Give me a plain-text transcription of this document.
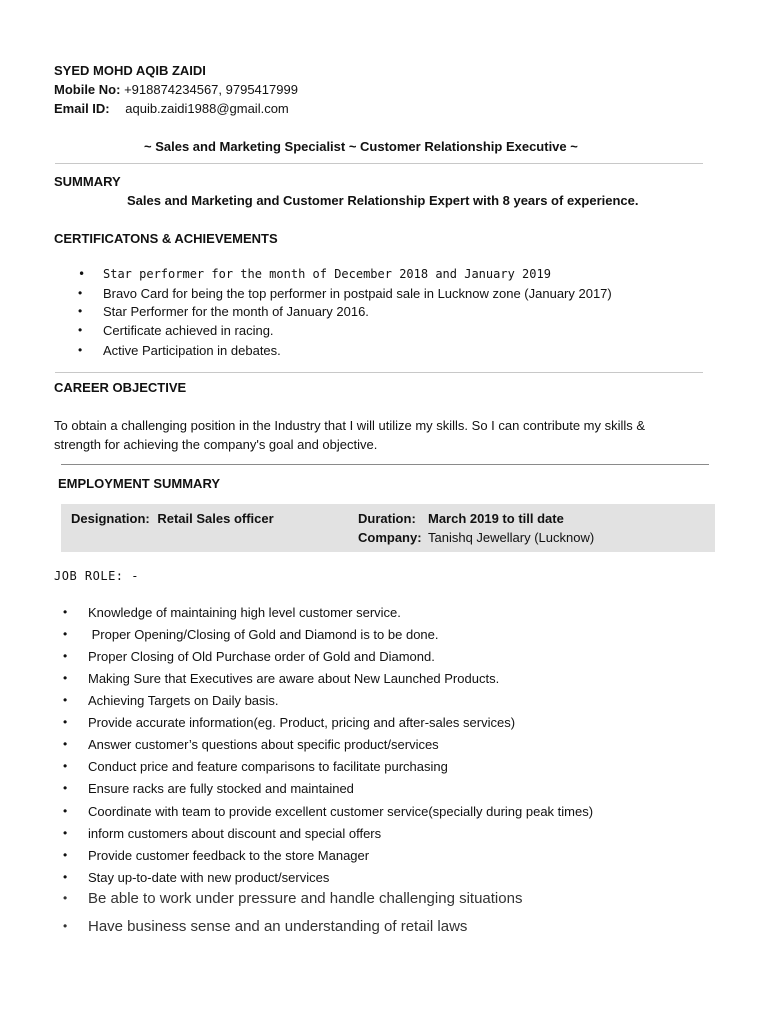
SYED MOHD AQIB ZAIDI
Mobile No: +918874234567, 9795417999
Email ID: aquib.zaidi1988@gmail.com
~ Sales and Marketing Specialist ~ Customer Relationship Executive ~
SUMMARY
Sales and Marketing and Customer Relationship Expert with 8 years of experience.
CERTIFICATONS & ACHIEVEMENTS
• Star performer for the month of December 2018 and January 2019
• Bravo Card for being the top performer in postpaid sale in Lucknow zone (January 2017)
• Star Performer for the month of January 2016.
• Certificate achieved in racing.
• Active Participation in debates.
CAREER OBJECTIVE
To obtain a challenging position in the Industry that I will utilize my skills. So I can contribute my skills &
strength for achieving the company's goal and objective.
EMPLOYMENT SUMMARY
Designation: Retail Sales officer	Duration: March 2019 to till date
Company: Tanishq Jewellary (Lucknow)
JOB ROLE: -
• Knowledge of maintaining high level customer service.
• Proper Opening/Closing of Gold and Diamond is to be done.
• Proper Closing of Old Purchase order of Gold and Diamond.
• Making Sure that Executives are aware about New Launched Products.
• Achieving Targets on Daily basis.
• Provide accurate information(eg. Product, pricing and after-sales services)
• Answer customer’s questions about specific product/services
• Conduct price and feature comparisons to facilitate purchasing
• Ensure racks are fully stocked and maintained
• Coordinate with team to provide excellent customer service(specially during peak times)
• inform customers about discount and special offers
• Provide customer feedback to the store Manager
• Stay up-to-date with new product/services
• Be able to work under pressure and handle challenging situations
• Have business sense and an understanding of retail laws
